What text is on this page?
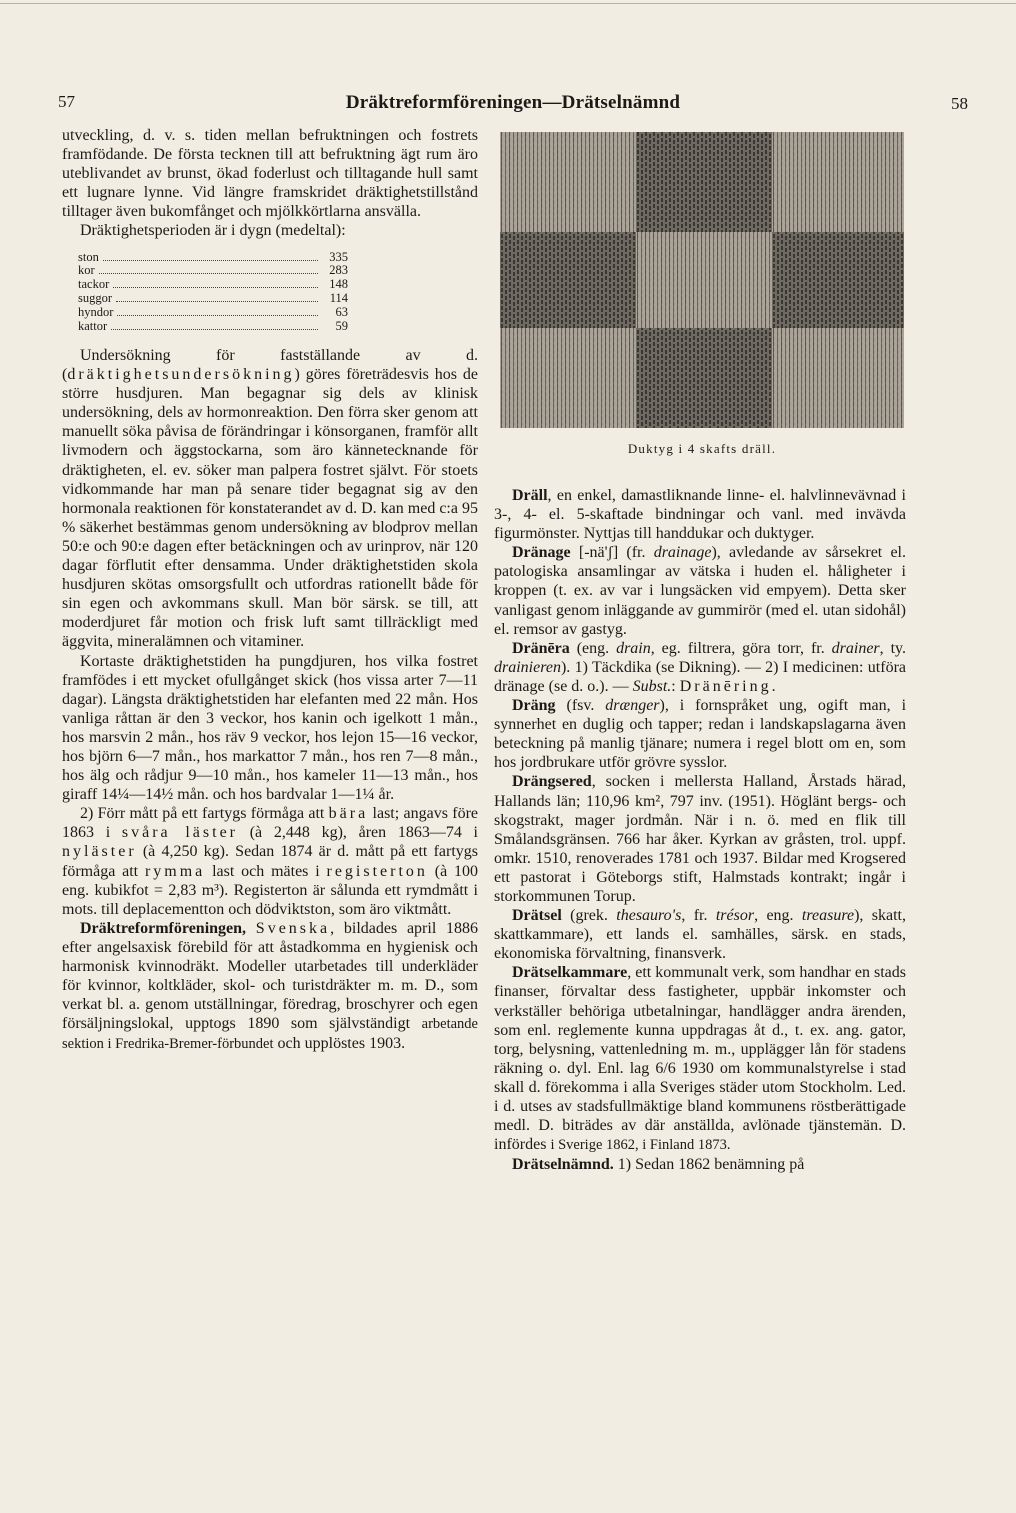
57	Dräktreformföreningen—Drätselnämnd	58

utveckling, d. v. s. tiden mellan befruktningen och fostrets framfödande. De första tecknen till att befruktning ägt rum äro uteblivandet av brunst, ökad foderlust och tilltagande hull samt ett lugnare lynne. Vid längre framskridet dräktighetstillstånd tilltager även bukomfånget och mjölkkörtlarna ansvälla.

Dräktighetsperioden är i dygn (medeltal):

ston	335
kor	283
tackor	148
suggor	114
hyndor	63
kattor	59

Undersökning för fastställande av d. (dräktighetsundersökning) göres företrädesvis hos de större husdjuren. Man begagnar sig dels av klinisk undersökning, dels av hormonreaktion. Den förra sker genom att manuellt söka påvisa de förändringar i könsorganen, framför allt livmodern och äggstockarna, som äro kännetecknande för dräktigheten, el. ev. söker man palpera fostret självt. För stoets vidkommande har man på senare tider begagnat sig av den hormonala reaktionen för konstaterandet av d. D. kan med c:a 95 % säkerhet bestämmas genom undersökning av blodprov mellan 50:e och 90:e dagen efter betäckningen och av urinprov, när 120 dagar förflutit efter densamma. Under dräktighetstiden skola husdjuren skötas omsorgsfullt och utfordras rationellt både för sin egen och avkommans skull. Man bör särsk. se till, att moderdjuret får motion och frisk luft samt tillräckligt med äggvita, mineralämnen och vitaminer.

Kortaste dräktighetstiden ha pungdjuren, hos vilka fostret framfödes i ett mycket ofullgånget skick (hos vissa arter 7—11 dagar). Längsta dräktighetstiden har elefanten med 22 mån. Hos vanliga råttan är den 3 veckor, hos kanin och igelkott 1 mån., hos marsvin 2 mån., hos räv 9 veckor, hos lejon 15—16 veckor, hos björn 6—7 mån., hos markattor 7 mån., hos ren 7—8 mån., hos älg och rådjur 9—10 mån., hos kameler 11—13 mån., hos giraff 14¼—14½ mån. och hos bardvalar 1—1¼ år.

2) Förr mått på ett fartygs förmåga att bära last; angavs före 1863 i svåra läster (à 2,448 kg), åren 1863—74 i nyläster (à 4,250 kg). Sedan 1874 är d. mått på ett fartygs förmåga att rymma last och mätes i registerton (à 100 eng. kubikfot = 2,83 m³). Registerton är sålunda ett rymdmått i mots. till deplacementton och dödviktston, som äro viktmått.

Dräktreformföreningen, Svenska, bildades april 1886 efter angelsaxisk förebild för att åstadkomma en hygienisk och harmonisk kvinnodräkt. Modeller utarbetades till underkläder för kvinnor, koltkläder, skol- och turistdräkter m. m. D., som verkat bl. a. genom utställningar, föredrag, broschyrer och egen försäljningslokal, upptogs 1890 som självständigt arbetande sektion i Fredrika-Bremer-förbundet och upplöstes 1903.

Duktyg i 4 skafts dräll.

Dräll, en enkel, damastliknande linne- el. halvlinnevävnad i 3-, 4- el. 5-skaftade bindningar och vanl. med invävda figurmönster. Nyttjas till handdukar och duktyger.

Dränage [-nä'ʃ] (fr. drainage), avledande av sårsekret el. patologiska ansamlingar av vätska i huden el. håligheter i kroppen (t. ex. av var i lungsäcken vid empyem). Detta sker vanligast genom inläggande av gummirör (med el. utan sidohål) el. remsor av gastyg.

Dränēra (eng. drain, eg. filtrera, göra torr, fr. drainer, ty. drainieren). 1) Täckdika (se Dikning). — 2) I medicinen: utföra dränage (se d. o.). — Subst.: Dränēring.

Dräng (fsv. drænger), i fornspråket ung, ogift man, i synnerhet en duglig och tapper; redan i landskapslagarna även beteckning på manlig tjänare; numera i regel blott om en, som hos jordbrukare utför grövre sysslor.

Drängsered, socken i mellersta Halland, Årstads härad, Hallands län; 110,96 km², 797 inv. (1951). Höglänt bergs- och skogstrakt, mager jordmån. När i n. ö. med en flik till Smålandsgränsen. 766 har åker. Kyrkan av gråsten, trol. uppf. omkr. 1510, renoverades 1781 och 1937. Bildar med Krogsered ett pastorat i Göteborgs stift, Halmstads kontrakt; ingår i storkommunen Torup.

Drätsel (grek. thesauro's, fr. trésor, eng. treasure), skatt, skattkammare), ett lands el. samhälles, särsk. en stads, ekonomiska förvaltning, finansverk.

Drätselkammare, ett kommunalt verk, som handhar en stads finanser, förvaltar dess fastigheter, uppbär inkomster och verkställer behöriga utbetalningar, handlägger andra ärenden, som enl. reglemente kunna uppdragas åt d., t. ex. ang. gator, torg, belysning, vattenledning m. m., upplägger lån för stadens räkning o. dyl. Enl. lag 6/6 1930 om kommunalstyrelse i stad skall d. förekomma i alla Sveriges städer utom Stockholm. Led. i d. utses av stadsfullmäktige bland kommunens röstberättigade medl. D. biträdes av där anställda, avlönade tjänstemän. D. infördes i Sverige 1862, i Finland 1873.

Drätselnämnd. 1) Sedan 1862 benämning på
